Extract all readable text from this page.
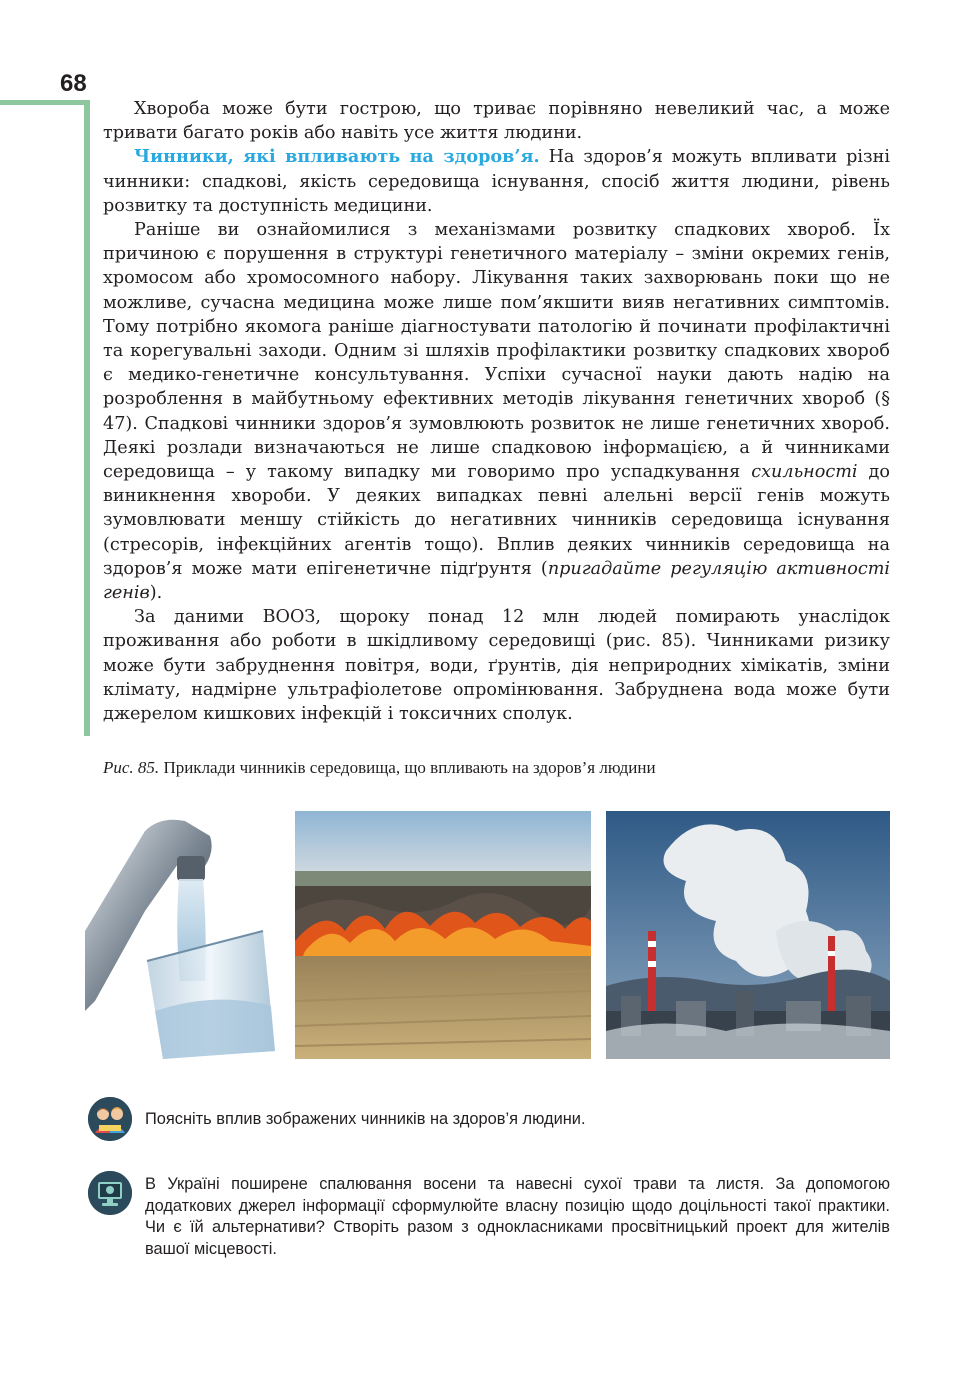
68

Хвороба може бути гострою, що триває порівняно невеликий час, а може тривати багато років або навіть усе життя людини.

Чинники, які впливають на здоров’я. На здоров’я можуть впливати різні чинники: спадкові, якість середовища існування, спосіб життя людини, рівень розвитку та доступність медицини.

Раніше ви ознайомилися з механізмами розвитку спадкових хвороб. Їх причиною є порушення в структурі генетичного матеріалу – зміни окремих генів, хромосом або хромосомного набору. Лікування таких захворювань поки що не можливе, сучасна медицина може лише пом’якшити вияв негативних симптомів. Тому потрібно якомога раніше діагностувати патологію й починати профілактичні та корегувальні заходи. Одним зі шляхів профілактики розвитку спадкових хвороб є медико-генетичне консультування. Успіхи сучасної науки дають надію на розроблення в майбутньому ефективних методів лікування генетичних хвороб (§ 47). Спадкові чинники здоров’я зумовлюють розвиток не лише генетичних хвороб. Деякі розлади визначаються не лише спадковою інформацією, а й чинниками середовища – у такому випадку ми говоримо про успадкування схильності до виникнення хвороби. У деяких випадках певні алельні версії генів можуть зумовлювати меншу стійкість до негативних чинників середовища існування (стресорів, інфекційних агентів тощо). Вплив деяких чинників середовища на здоров’я може мати епігенетичне підґрунтя (пригадайте регуляцію активності генів).

За даними ВООЗ, щороку понад 12 млн людей помирають унаслідок проживання або роботи в шкідливому середовищі (рис. 85). Чинниками ризику може бути забруднення повітря, води, ґрунтів, дія неприродних хімікатів, зміни клімату, надмірне ультрафіолетове опромінювання. Забруднена вода може бути джерелом кишкових інфекцій і токсичних сполук.

Рис. 85. Приклади чинників середовища, що впливають на здоров’я людини
Поясніть вплив зображених чинників на здоров’я людини.
В Україні поширене спалювання восени та навесні сухої трави та листя. За допомогою додаткових джерел інформації сформулюйте власну позицію щодо доцільності такої практики. Чи є їй альтернативи? Створіть разом з однокласниками просвітницький проект для жителів вашої місцевості.
